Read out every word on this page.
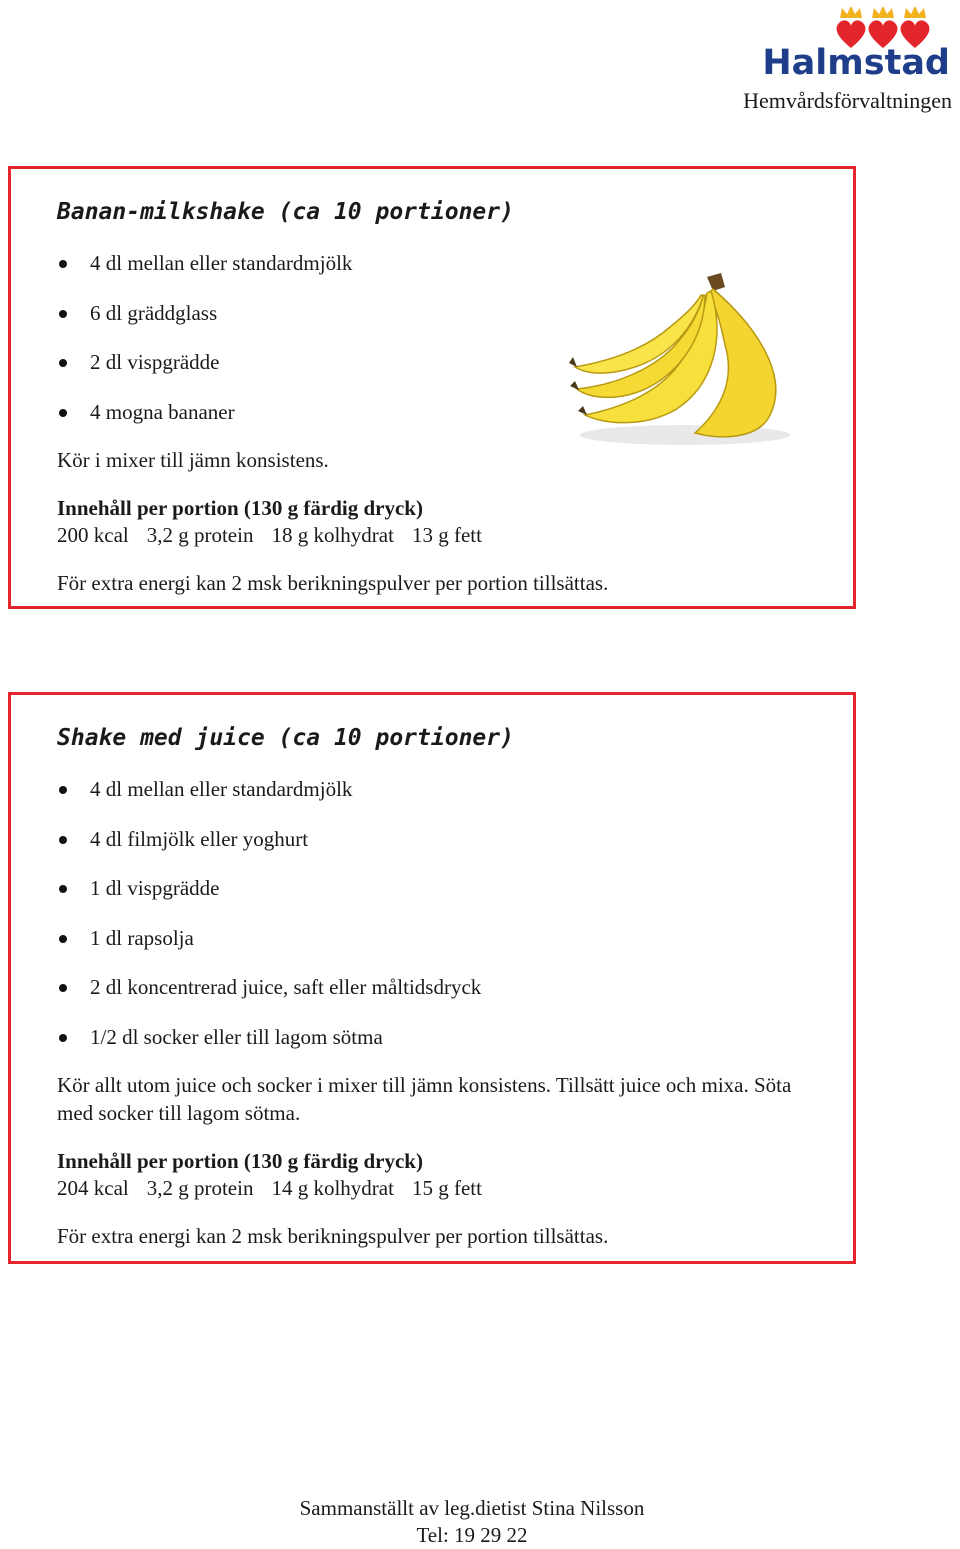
Halmstad
Hemvårdsförvaltningen
Banan-milkshake (ca 10 portioner)
4 dl mellan eller standardmjölk
6 dl gräddglass
2 dl vispgrädde
4 mogna bananer
Kör i mixer till jämn konsistens.
Innehåll per portion (130 g färdig dryck)
200 kcal 3,2 g protein 18 g kolhydrat 13 g fett
För extra energi kan 2 msk berikningspulver per portion tillsättas.
Shake med juice (ca 10 portioner)
4 dl mellan eller standardmjölk
4 dl filmjölk eller yoghurt
1 dl vispgrädde
1 dl rapsolja
2 dl koncentrerad juice, saft eller måltidsdryck
1/2 dl socker eller till lagom sötma
Kör allt utom juice och socker i mixer till jämn konsistens. Tillsätt juice och mixa. Söta med socker till lagom sötma.
Innehåll per portion (130 g färdig dryck)
204 kcal 3,2 g protein 14 g kolhydrat 15 g fett
För extra energi kan 2 msk berikningspulver per portion tillsättas.
Sammanställt av leg.dietist Stina Nilsson
Tel: 19 29 22
